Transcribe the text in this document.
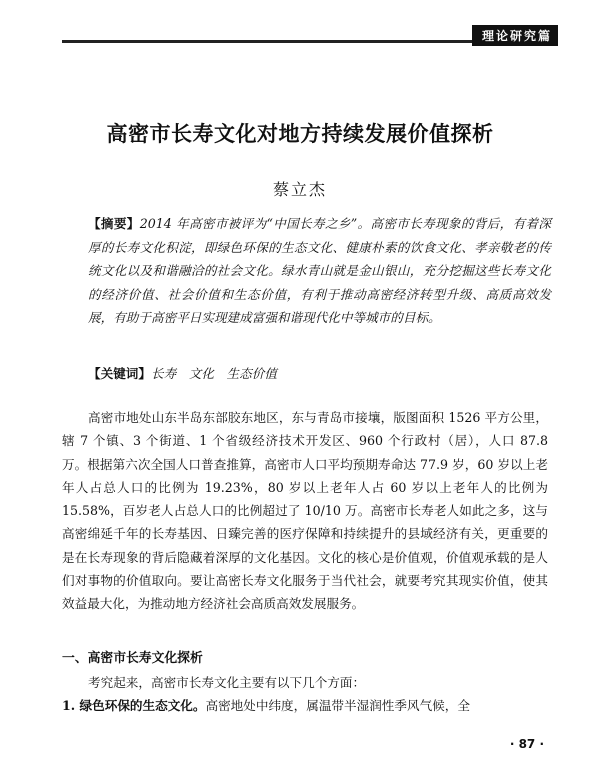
理论研究篇
高密市长寿文化对地方持续发展价值探析
蔡立杰
【摘要】2014 年高密市被评为“中国长寿之乡”。高密市长寿现象的背后，有着深厚的长寿文化积淀，即绿色环保的生态文化、健康朴素的饮食文化、孝亲敬老的传统文化以及和谐融洽的社会文化。绿水青山就是金山银山，充分挖掘这些长寿文化的经济价值、社会价值和生态价值，有利于推动高密经济转型升级、高质高效发展，有助于高密平日实现建成富强和谐现代化中等城市的目标。
【关键词】长寿　文化　生态价值
高密市地处山东半岛东部胶东地区，东与青岛市接壤，版图面积 1526 平方公里，辖 7 个镇、3 个街道、1 个省级经济技术开发区、960 个行政村（居），人口 87.8 万。根据第六次全国人口普查推算，高密市人口平均预期寿命达 77.9 岁，60 岁以上老年人占总人口的比例为 19.23%，80 岁以上老年人占 60 岁以上老年人的比例为 15.58%，百岁老人占总人口的比例超过了 10/10 万。高密市长寿老人如此之多，这与高密绵延千年的长寿基因、日臻完善的医疗保障和持续提升的县域经济有关，更重要的是在长寿现象的背后隐藏着深厚的文化基因。文化的核心是价值观，价值观承载的是人们对事物的价值取向。要让高密长寿文化服务于当代社会，就要考究其现实价值，使其效益最大化，为推动地方经济社会高质高效发展服务。
一、高密市长寿文化探析
考究起来，高密市长寿文化主要有以下几个方面：
1. 绿色环保的生态文化。高密地处中纬度，属温带半湿润性季风气候，全
· 87 ·
